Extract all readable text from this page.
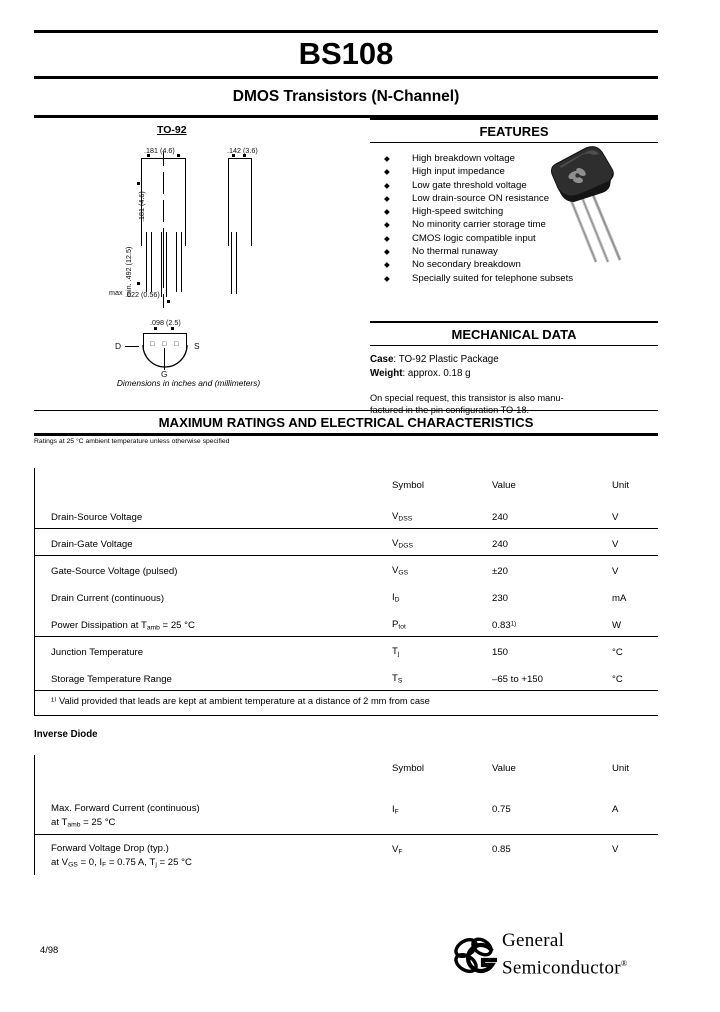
BS108
DMOS Transistors (N-Channel)
TO-92
.181 (4.6)	.142 (3.6)
.181 (4.6)
min. .492 (12.5)
max .022 (0.56)
.098 (2.5)
D	S
G
□ □ □
Dimensions in inches and (millimeters)
FEATURES
◆ High breakdown voltage
◆ High input impedance
◆ Low gate threshold voltage
◆ Low drain-source ON resistance
◆ High-speed switching
◆ No minority carrier storage time
◆ CMOS logic compatible input
◆ No thermal runaway
◆ No secondary breakdown
◆ Specially suited for telephone subsets
MECHANICAL DATA
Case: TO-92 Plastic Package
Weight: approx. 0.18 g
On special request, this transistor is also manu-
MAXIMUM RATINGS AND ELECTRICAL CHARACTERISTICS
Ratings at 25 °C ambient temperature unless otherwise specified
Symbol	Value	Unit
Drain-Source Voltage	$V_{DSS}$	240	V
Drain-Gate Voltage	$V_{DGS}$	240	V
Gate-Source Voltage (pulsed)	$V_{GS}$	±20	V
Drain Current (continuous)	$I_D$	230	mA
Power Dissipation at $T_{amb} = 25$ °C	$P_{tot}$	0.83$^{1)}$	W
Junction Temperature	$T_j$	150	°C
Storage Temperature Range	$T_S$	–65 to +150	°C
¹⁾ Valid provided that leads are kept at ambient temperature at a distance of 2 mm from case
Inverse Diode
Symbol	Value	Unit
Max. Forward Current (continuous)
at $T_{amb} = 25$ °C
$I_F$	0.75	A
Forward Voltage Drop (typ.)
at $V_{GS} = 0$, $I_F = 0.75$ A, $T_j = 25$ °C
$V_F$	0.85	V
4/98	General
Semiconductor®
